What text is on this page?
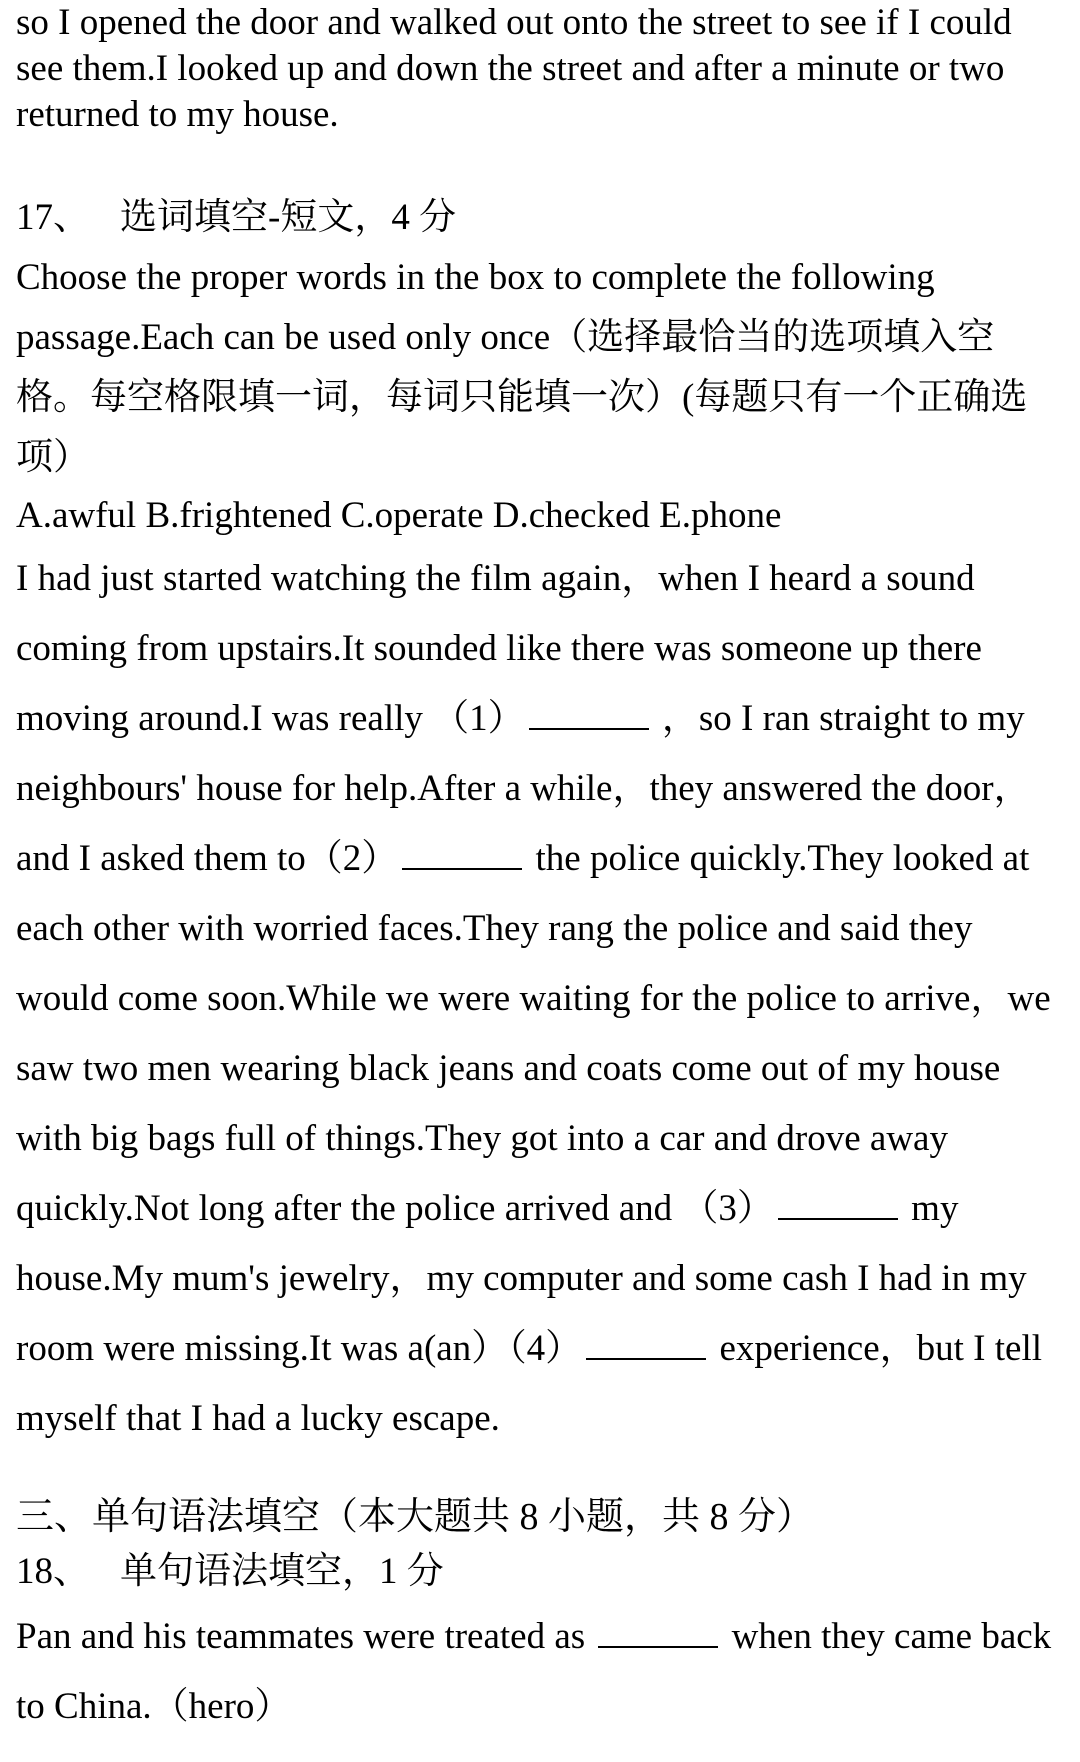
so I opened the door and walked out onto the street to see if I could see them.I looked up and down the street and after a minute or two returned to my house.

17、 选词填空-短文，4 分

Choose the proper words in the box to complete the following passage.Each can be used only once（选择最恰当的选项填入空格。每空格限填一词，每词只能填一次）(每题只有一个正确选项）

A.awful B.frightened C.operate D.checked E.phone

I had just started watching the film again，when I heard a sound coming from upstairs.It sounded like there was someone up there moving around.I was really （1）	，so I ran straight to my neighbours' house for help.After a while，they answered the door，and I asked them to（2）	the police quickly.They looked at each other with worried faces.They rang the police and said they would come soon.While we were waiting for the police to arrive，we saw two men wearing black jeans and coats come out of my house with big bags full of things.They got into a car and drove away quickly.Not long after the police arrived and （3）	my house.My mum's jewelry，my computer and some cash I had in my room were missing.It was a(an）（4）	experience，but I tell myself that I had a lucky escape.

三、单句语法填空（本大题共 8 小题，共 8 分）

18、 单句语法填空，1 分

Pan and his teammates were treated as	when they came back to China.（hero）
